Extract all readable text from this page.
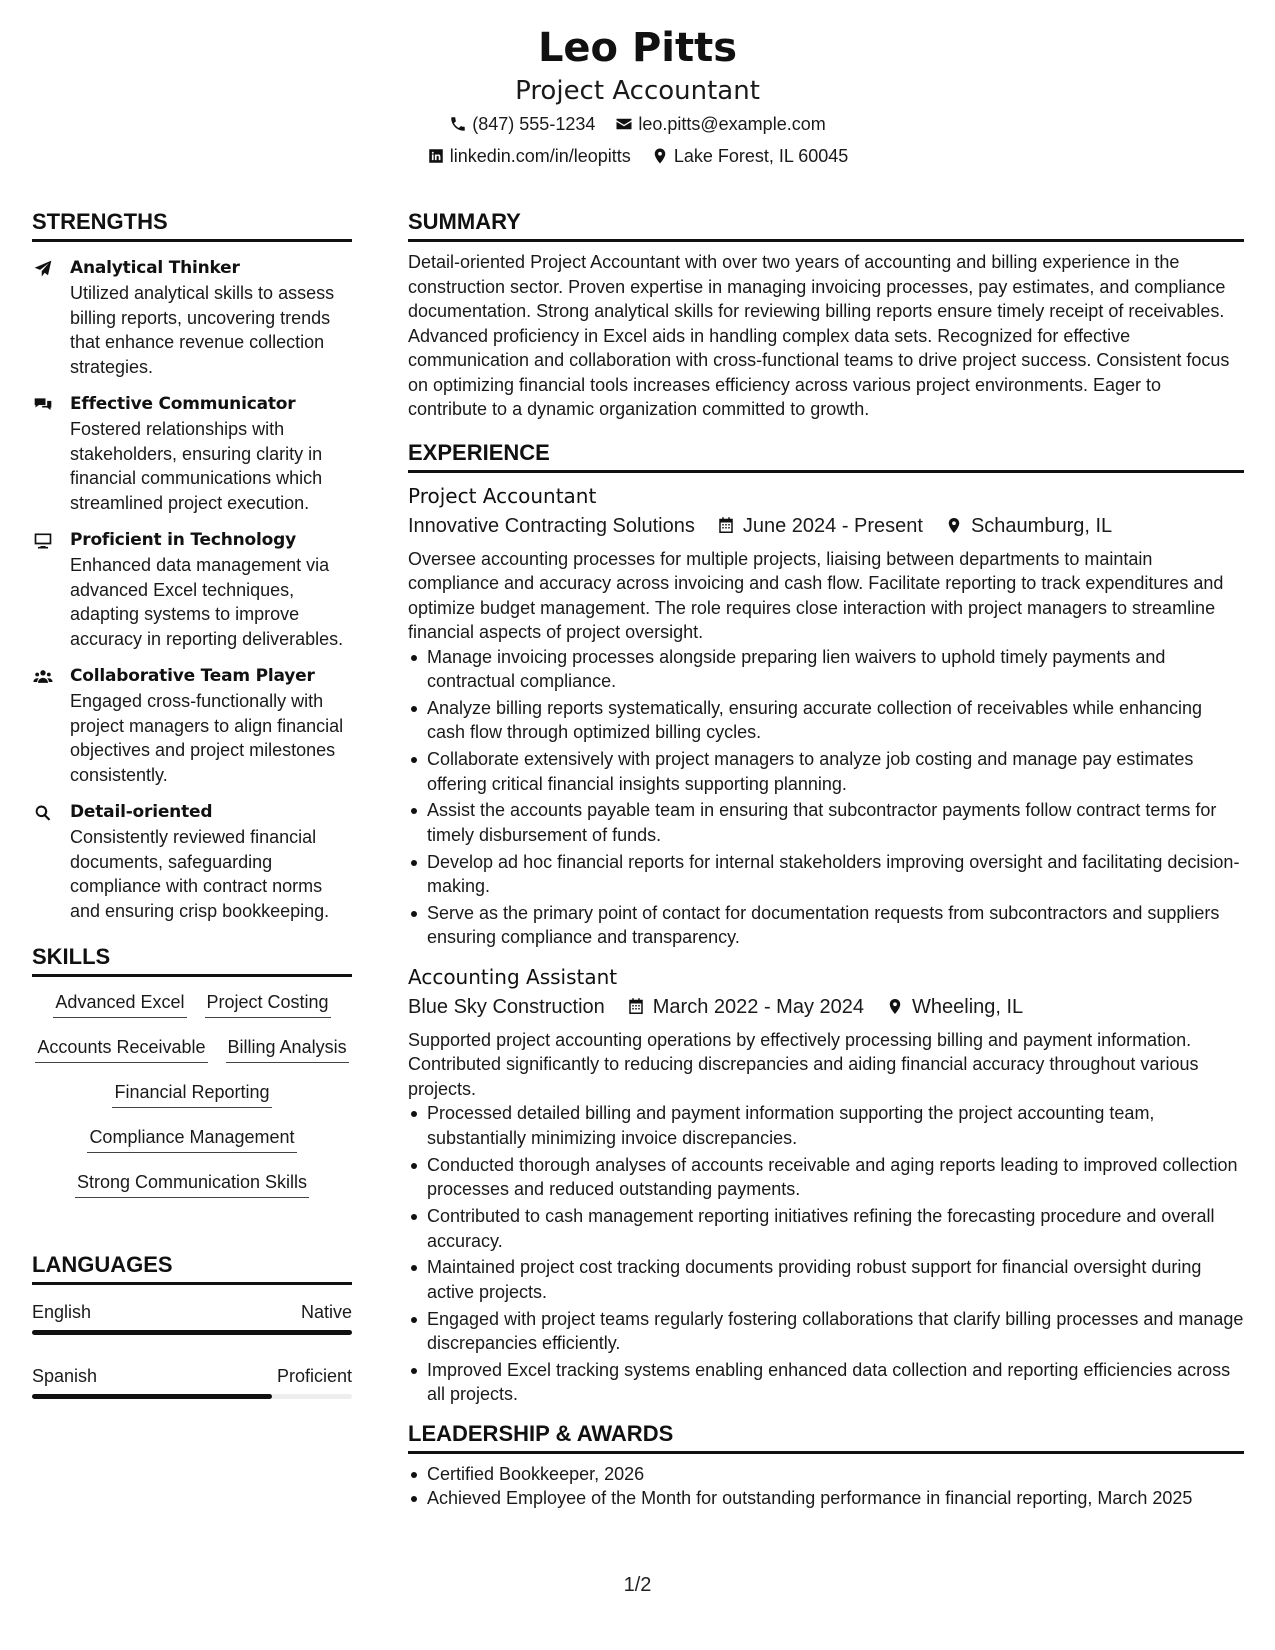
Leo Pitts
Project Accountant
(847) 555-1234 leo.pitts@example.com
linkedin.com/in/leopitts Lake Forest, IL 60045
STRENGTHS
Analytical Thinker
Utilized analytical skills to assess billing reports, uncovering trends that enhance revenue collection strategies.
Effective Communicator
Fostered relationships with stakeholders, ensuring clarity in financial communications which streamlined project execution.
Proficient in Technology
Enhanced data management via advanced Excel techniques, adapting systems to improve accuracy in reporting deliverables.
Collaborative Team Player
Engaged cross-functionally with project managers to align financial objectives and project milestones consistently.
Detail-oriented
Consistently reviewed financial documents, safeguarding compliance with contract norms and ensuring crisp bookkeeping.
SKILLS
Advanced Excel Project Costing
Accounts Receivable Billing Analysis
Financial Reporting
Compliance Management
Strong Communication Skills
LANGUAGES
English	Native
Spanish	Proficient
SUMMARY
Detail-oriented Project Accountant with over two years of accounting and billing experience in the construction sector. Proven expertise in managing invoicing processes, pay estimates, and compliance documentation. Strong analytical skills for reviewing billing reports ensure timely receipt of receivables. Advanced proficiency in Excel aids in handling complex data sets. Recognized for effective communication and collaboration with cross-functional teams to drive project success. Consistent focus on optimizing financial tools increases efficiency across various project environments. Eager to contribute to a dynamic organization committed to growth.
EXPERIENCE
Project Accountant
Innovative Contracting Solutions June 2024 - Present Schaumburg, IL
Oversee accounting processes for multiple projects, liaising between departments to maintain compliance and accuracy across invoicing and cash flow. Facilitate reporting to track expenditures and optimize budget management. The role requires close interaction with project managers to streamline financial aspects of project oversight.
Manage invoicing processes alongside preparing lien waivers to uphold timely payments and contractual compliance.
Analyze billing reports systematically, ensuring accurate collection of receivables while enhancing cash flow through optimized billing cycles.
Collaborate extensively with project managers to analyze job costing and manage pay estimates offering critical financial insights supporting planning.
Assist the accounts payable team in ensuring that subcontractor payments follow contract terms for timely disbursement of funds.
Develop ad hoc financial reports for internal stakeholders improving oversight and facilitating decision-making.
Serve as the primary point of contact for documentation requests from subcontractors and suppliers ensuring compliance and transparency.
Accounting Assistant
Blue Sky Construction March 2022 - May 2024 Wheeling, IL
Supported project accounting operations by effectively processing billing and payment information. Contributed significantly to reducing discrepancies and aiding financial accuracy throughout various projects.
Processed detailed billing and payment information supporting the project accounting team, substantially minimizing invoice discrepancies.
Conducted thorough analyses of accounts receivable and aging reports leading to improved collection processes and reduced outstanding payments.
Contributed to cash management reporting initiatives refining the forecasting procedure and overall accuracy.
Maintained project cost tracking documents providing robust support for financial oversight during active projects.
Engaged with project teams regularly fostering collaborations that clarify billing processes and manage discrepancies efficiently.
Improved Excel tracking systems enabling enhanced data collection and reporting efficiencies across all projects.
LEADERSHIP & AWARDS
Certified Bookkeeper, 2026
Achieved Employee of the Month for outstanding performance in financial reporting, March 2025
1/2
